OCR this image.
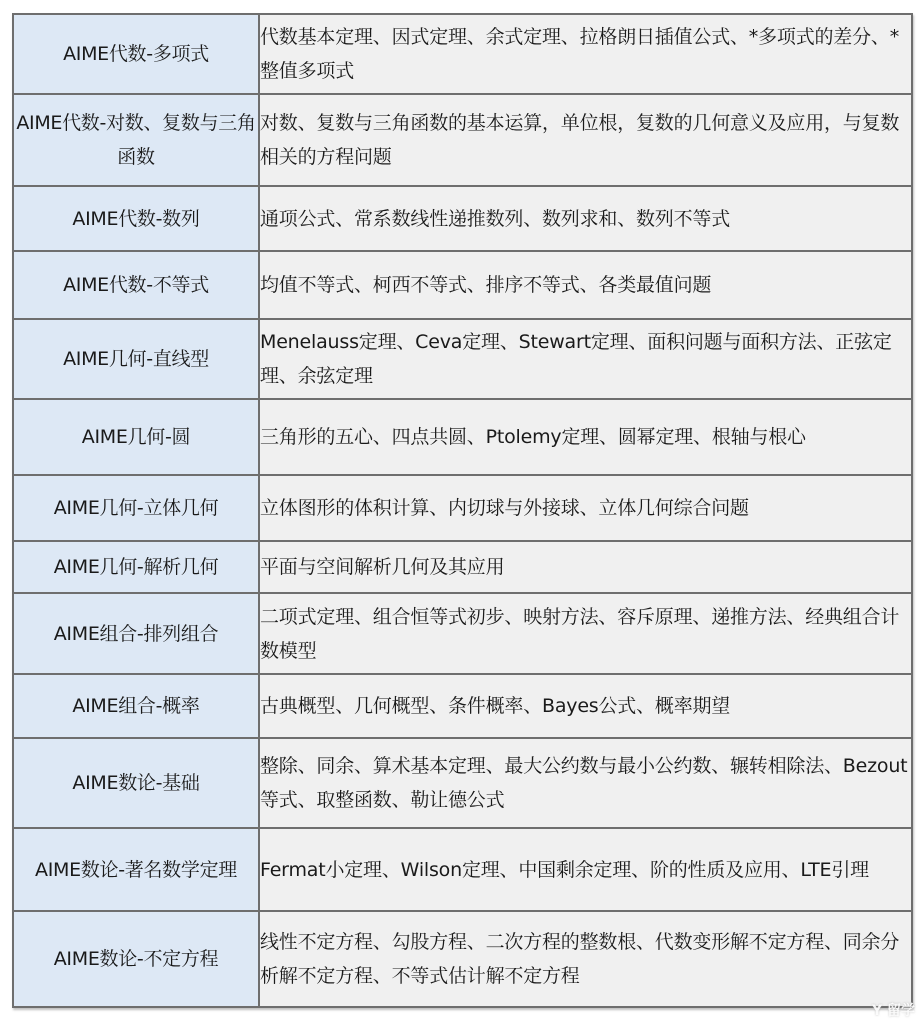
AIME代数-多项式	代数基本定理、因式定理、余式定理、拉格朗日插值公式、*多项式的差分、*整值多项式
AIME代数-对数、复数与三角函数	对数、复数与三角函数的基本运算，单位根，复数的几何意义及应用，与复数相关的方程问题
AIME代数-数列	通项公式、常系数线性递推数列、数列求和、数列不等式
AIME代数-不等式	均值不等式、柯西不等式、排序不等式、各类最值问题
AIME几何-直线型	Menelauss定理、Ceva定理、Stewart定理、面积问题与面积方法、正弦定理、余弦定理
AIME几何-圆	三角形的五心、四点共圆、Ptolemy定理、圆幂定理、根轴与根心
AIME几何-立体几何	立体图形的体积计算、内切球与外接球、立体几何综合问题
AIME几何-解析几何	平面与空间解析几何及其应用
AIME组合-排列组合	二项式定理、组合恒等式初步、映射方法、容斥原理、递推方法、经典组合计数模型
AIME组合-概率	古典概型、几何概型、条件概率、Bayes公式、概率期望
AIME数论-基础	整除、同余、算术基本定理、最大公约数与最小公约数、辗转相除法、Bezout等式、取整函数、勒让德公式
AIME数论-著名数学定理	Fermat小定理、Wilson定理、中国剩余定理、阶的性质及应用、LTE引理
AIME数论-不定方程	线性不定方程、勾股方程、二次方程的整数根、代数变形解不定方程、同余分析解不定方程、不等式估计解不定方程
Y 留学
